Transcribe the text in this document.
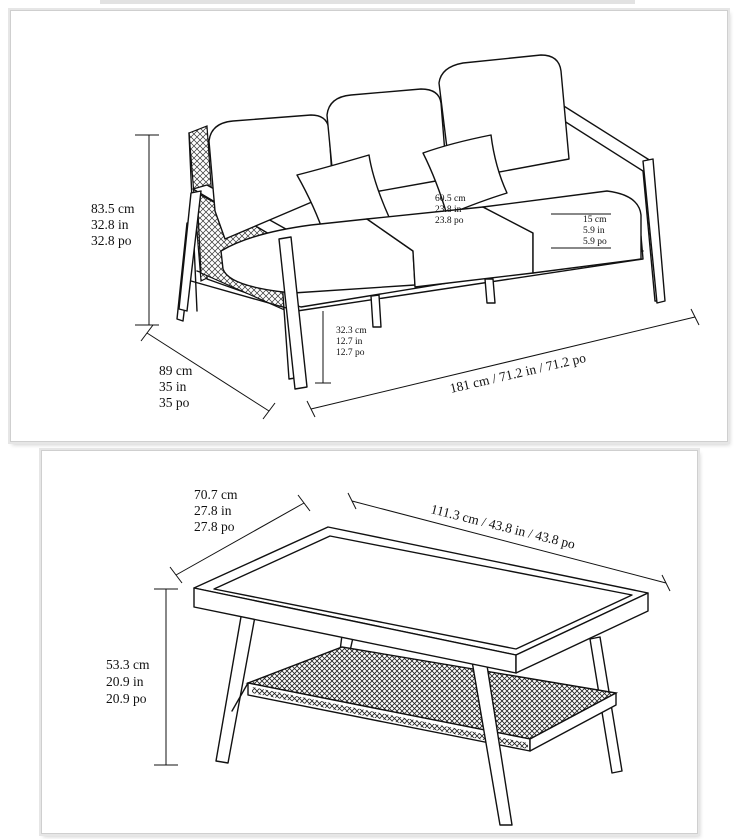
83.5 cm
32.8 in
32.8 po
60.5 cm
23.8 in
23.8 po	15 cm
5.9 in
5.9 po
32.3 cm
12.7 in
12.7 po
89 cm
35 in
35 po
181 cm / 71.2 in / 71.2 po
70.7 cm
27.8 in
27.8 po	111.3 cm / 43.8 in / 43.8 po
53.3 cm
20.9 in
20.9 po
